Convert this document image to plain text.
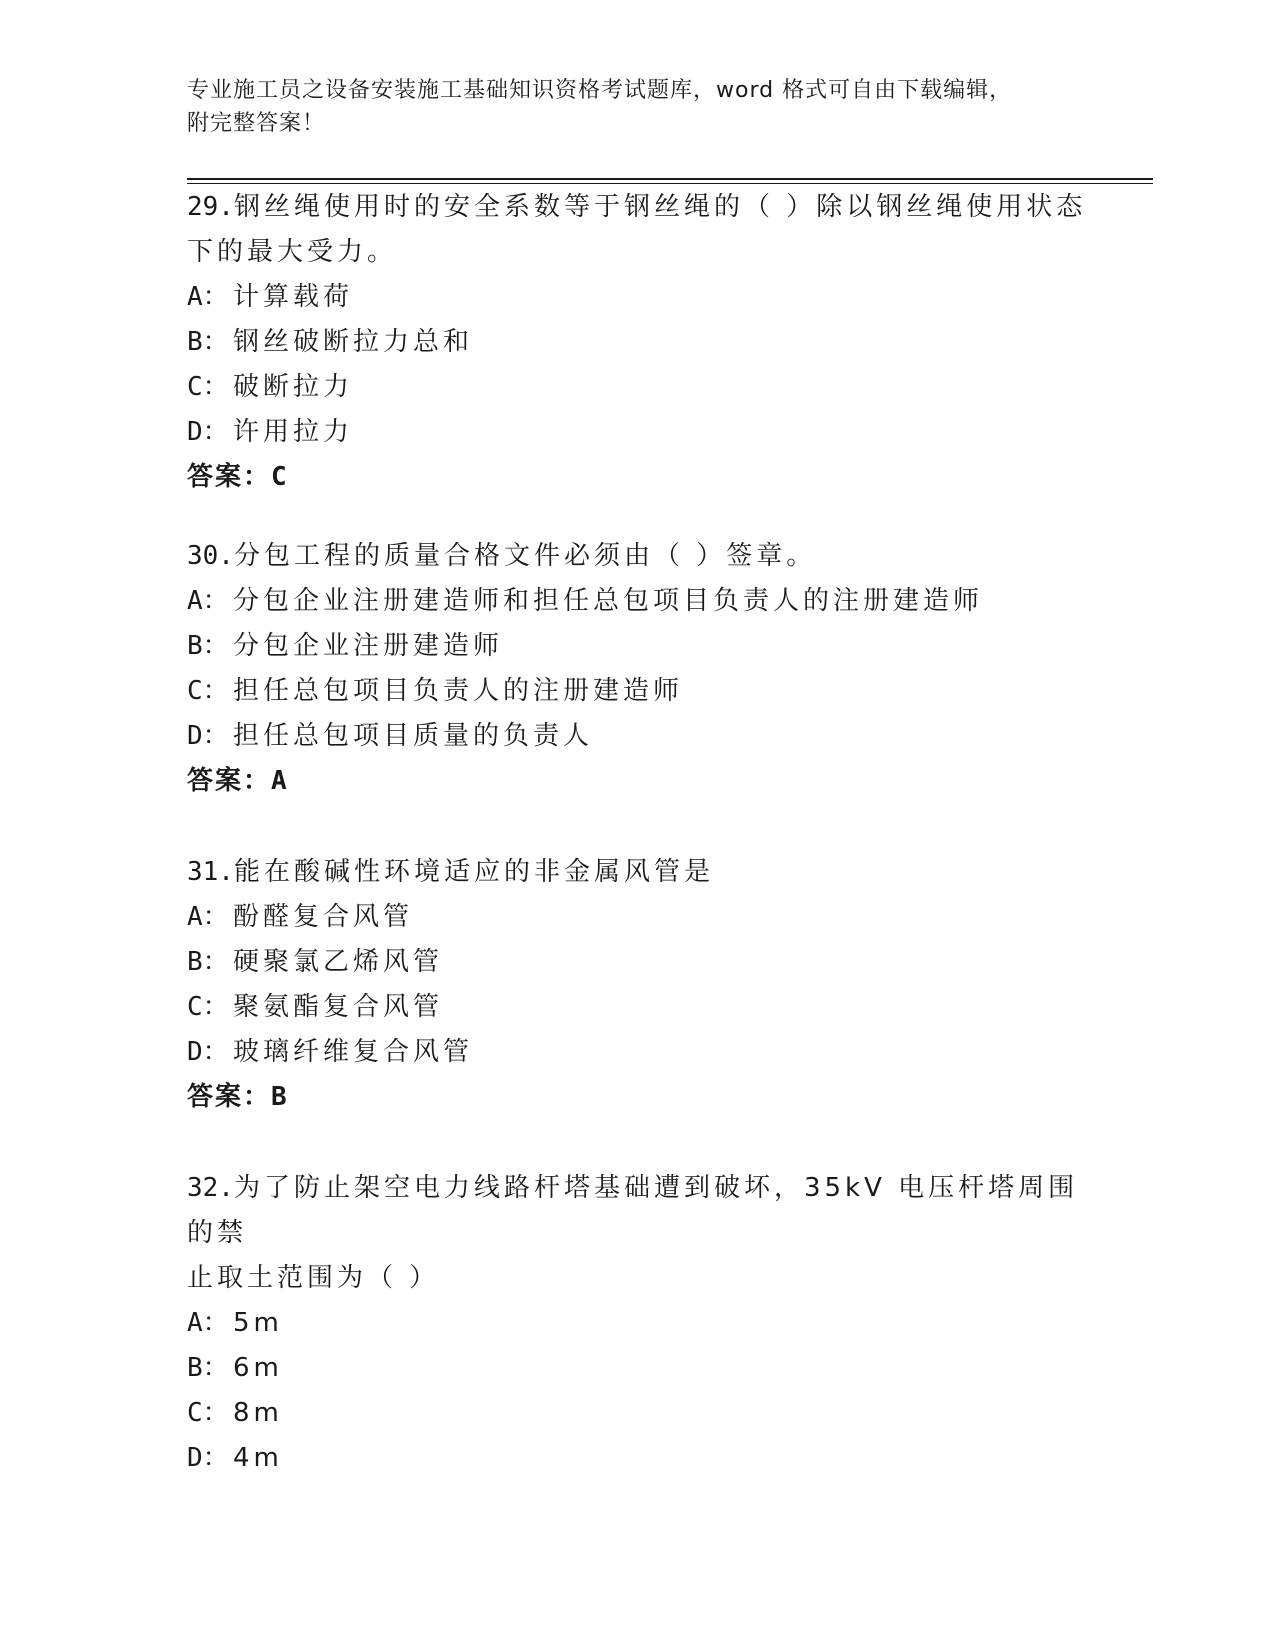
专业施工员之设备安装施工基础知识资格考试题库，word 格式可自由下载编辑，
附完整答案！
29.钢丝绳使用时的安全系数等于钢丝绳的（ ）除以钢丝绳使用状态
下的最大受力。
A： 计算载荷
B： 钢丝破断拉力总和
C： 破断拉力
D： 许用拉力
答案：C
30.分包工程的质量合格文件必须由（ ）签章。
A： 分包企业注册建造师和担任总包项目负责人的注册建造师
B： 分包企业注册建造师
C： 担任总包项目负责人的注册建造师
D： 担任总包项目质量的负责人
答案：A
31.能在酸碱性环境适应的非金属风管是
A： 酚醛复合风管
B： 硬聚氯乙烯风管
C： 聚氨酯复合风管
D： 玻璃纤维复合风管
答案：B
32.为了防止架空电力线路杆塔基础遭到破坏，35kV 电压杆塔周围的禁
止取土范围为（ ）
A： 5m
B： 6m
C： 8m
D： 4m
